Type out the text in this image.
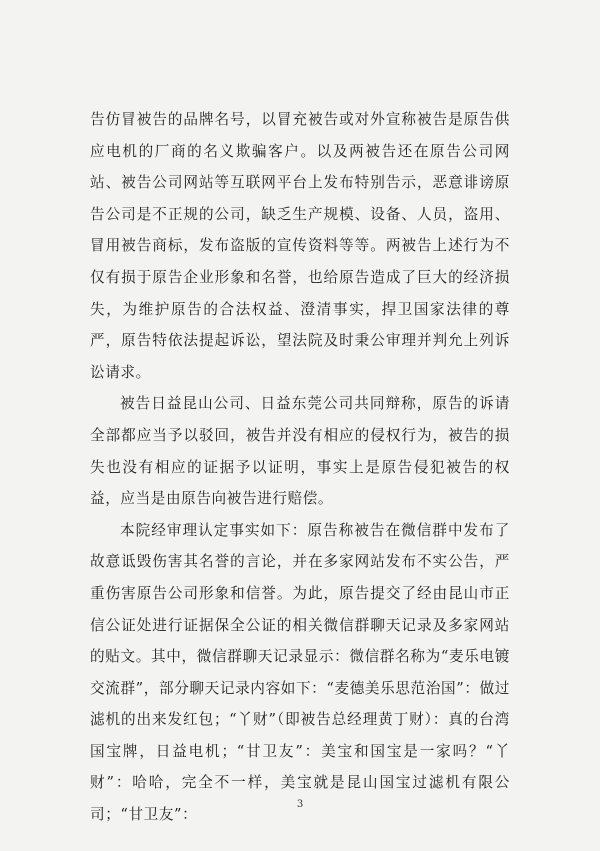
告仿冒被告的品牌名号，以冒充被告或对外宣称被告是原告供应电机的厂商的名义欺骗客户。以及两被告还在原告公司网站、被告公司网站等互联网平台上发布特别告示，恶意诽谤原告公司是不正规的公司，缺乏生产规模、设备、人员，盗用、冒用被告商标，发布盗版的宣传资料等等。两被告上述行为不仅有损于原告企业形象和名誉，也给原告造成了巨大的经济损失，为维护原告的合法权益、澄清事实，捍卫国家法律的尊严，原告特依法提起诉讼，望法院及时秉公审理并判允上列诉讼请求。

被告日益昆山公司、日益东莞公司共同辩称，原告的诉请全部都应当予以驳回，被告并没有相应的侵权行为，被告的损失也没有相应的证据予以证明，事实上是原告侵犯被告的权益，应当是由原告向被告进行赔偿。

本院经审理认定事实如下：原告称被告在微信群中发布了故意诋毁伤害其名誉的言论，并在多家网站发布不实公告，严重伤害原告公司形象和信誉。为此，原告提交了经由昆山市正信公证处进行证据保全公证的相关微信群聊天记录及多家网站的贴文。其中，微信群聊天记录显示：微信群名称为“麦乐电镀交流群”，部分聊天记录内容如下：“麦德美乐思范治国”：做过滤机的出来发红包；“丫财”（即被告总经理黄丁财）：真的台湾国宝牌，日益电机；“甘卫友”：美宝和国宝是一家吗？“丫财”：哈哈，完全不一样，美宝就是昆山国宝过滤机有限公司；“甘卫友”：

3
